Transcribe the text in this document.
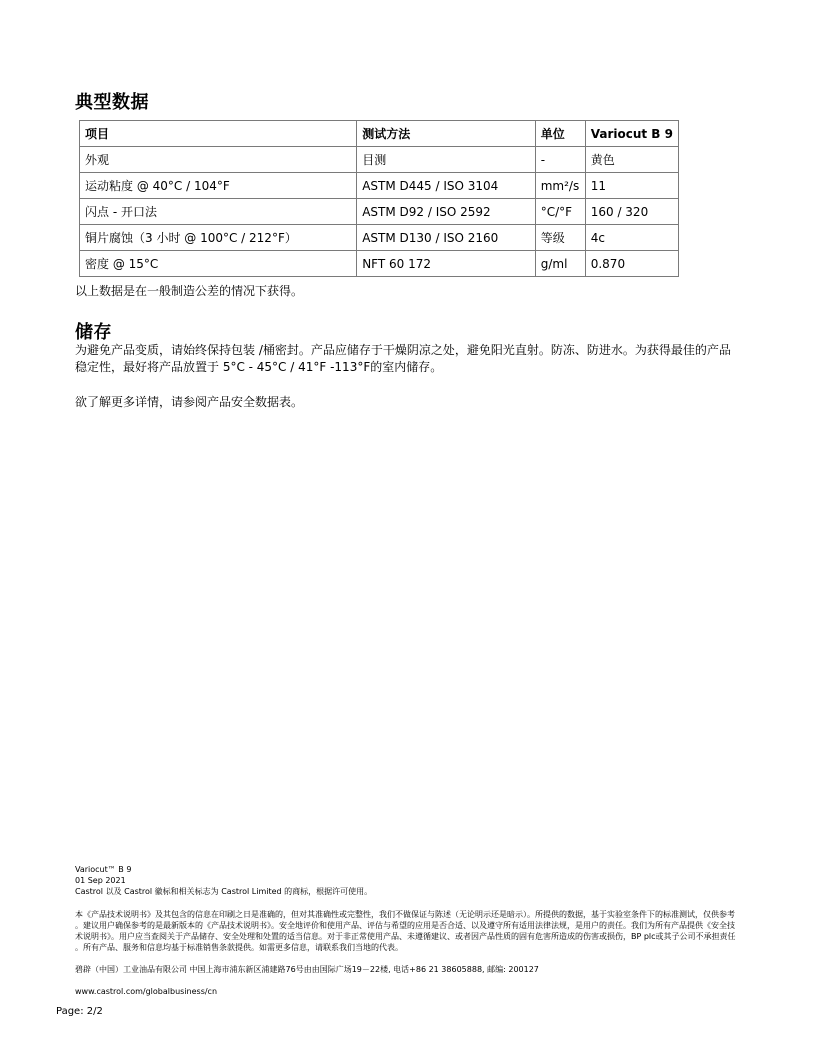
典型数据
项目	测试方法	单位	Variocut B 9
外观	目测	-	黄色
运动粘度 @ 40°C / 104°F	ASTM D445 / ISO 3104	mm²/s	11
闪点 - 开口法	ASTM D92 / ISO 2592	°C/°F	160 / 320
铜片腐蚀（3 小时 @ 100°C / 212°F）	ASTM D130 / ISO 2160	等级	4c
密度 @ 15°C	NFT 60 172	g/ml	0.870
以上数据是在一般制造公差的情况下获得。
储存
为避免产品变质，请始终保持包装 /桶密封。产品应储存于干燥阴凉之处，避免阳光直射。防冻、防进水。为获得最佳的产品
稳定性，最好将产品放置于 5°C - 45°C / 41°F -113°F的室内储存。
欲了解更多详情，请参阅产品安全数据表。
Variocut™ B 9
01 Sep 2021
Castrol 以及 Castrol 徽标和相关标志为 Castrol Limited 的商标，根据许可使用。
本《产品技术说明书》及其包含的信息在印刷之日是准确的，但对其准确性或完整性，我们不做保证与陈述（无论明示还是暗示）。所提供的数据，基于实验室条件下的标准测试，仅供参考
。建议用户确保参考的是最新版本的《产品技术说明书》。安全地评价和使用产品、评估与希望的应用是否合适、以及遵守所有适用法律法规，是用户的责任。我们为所有产品提供《安全技
术说明书》。用户应当查阅关于产品储存、安全处理和处置的适当信息。对于非正常使用产品、未遵循建议、或者因产品性质的固有危害所造成的伤害或损伤，BP plc或其子公司不承担责任
。所有产品、服务和信息均基于标准销售条款提供。如需更多信息，请联系我们当地的代表。
碧辟（中国）工业油品有限公司 中国上海市浦东新区浦建路76号由由国际广场19－22楼, 电话+86 21 38605888, 邮编: 200127
www.castrol.com/globalbusiness/cn
Page: 2/2
